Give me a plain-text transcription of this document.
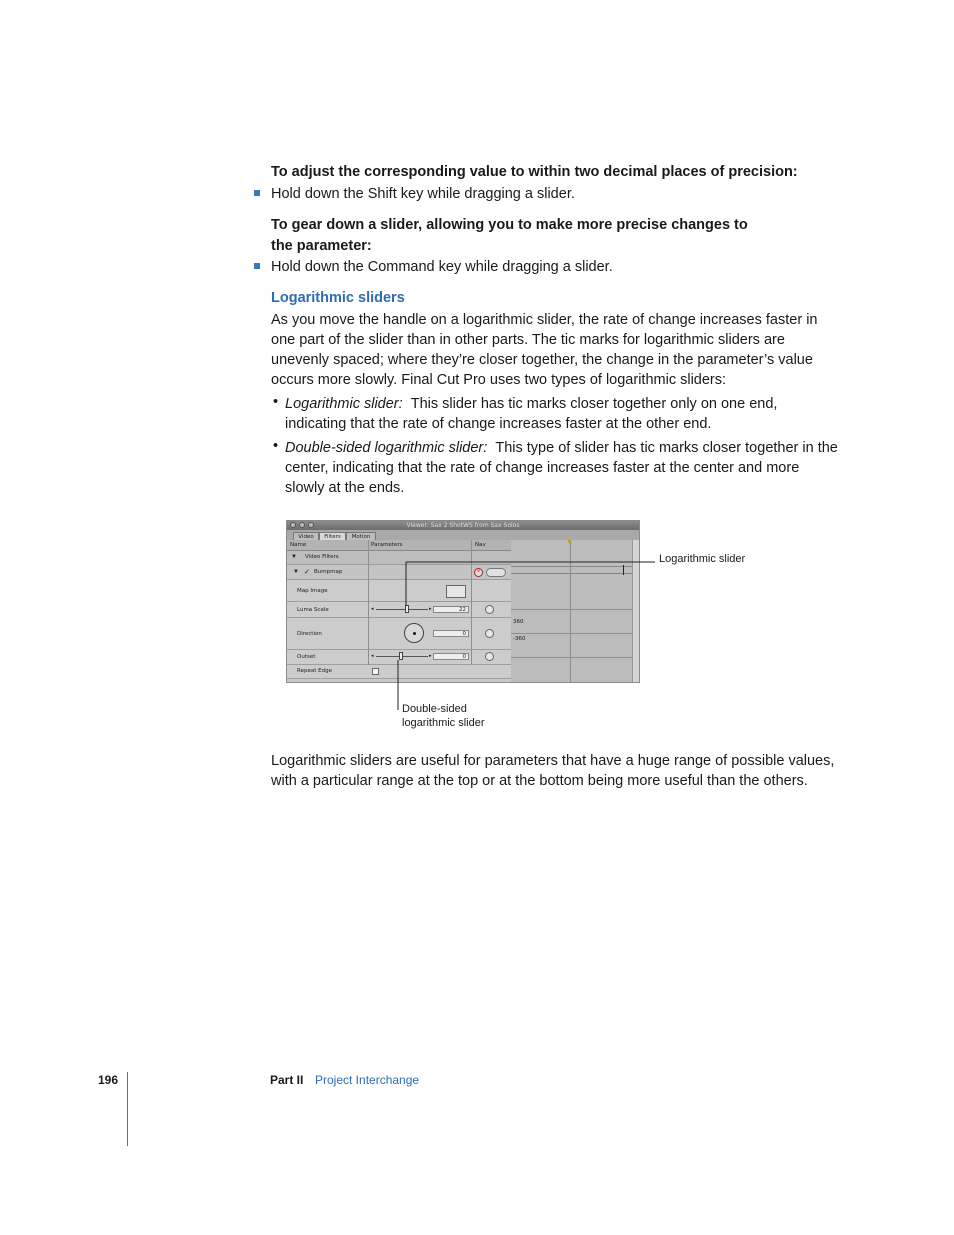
To adjust the corresponding value to within two decimal places of precision:
Hold down the Shift key while dragging a slider.
To gear down a slider, allowing you to make more precise changes to
the parameter:
Hold down the Command key while dragging a slider.
Logarithmic sliders
As you move the handle on a logarithmic slider, the rate of change increases faster in
one part of the slider than in other parts. The tic marks for logarithmic sliders are
unevenly spaced; where they’re closer together, the change in the parameter’s value
occurs more slowly. Final Cut Pro uses two types of logarithmic sliders:
• Logarithmic slider: This slider has tic marks closer together only on one end,
indicating that the rate of change increases faster at the other end.
• Double-sided logarithmic slider: This type of slider has tic marks closer together in the
center, indicating that the rate of change increases faster at the center and more
slowly at the ends.
Viewer: Sax 2 ShotWS from Sax Solos
Video	Filters	Motion
Name	Parameters	Nav
▼ Video Filters
▼ ✓ Bumpmap	×
Map Image
Luma Scale	◂	▸	22
Direction	0
Outset	◂	▸	0
Repeat Edge
▼
360
-360
Logarithmic slider
Double-sided
logarithmic slider
Logarithmic sliders are useful for parameters that have a huge range of possible values,
with a particular range at the top or at the bottom being more useful than the others.
196	Part II Project Interchange
